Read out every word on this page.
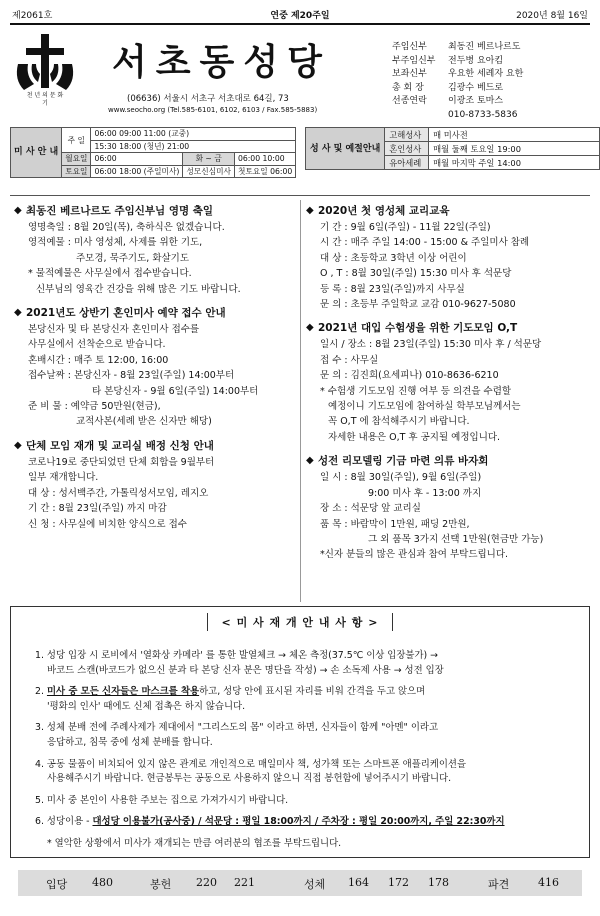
제2061호	연중 제20주일	2020년 8월 16일
천 년 의 문 화 기
서초동성당
(06636) 서울시 서초구 서초대로 64길, 73
www.seocho.org (Tel.585-6101, 6102, 6103 / Fax.585-5883)
주임신부	최동진 베르나르도
부주임신부	전두병 요아킴
보좌신부	우요한 세례자 요한
총 회 장	김광수 베드로
선종연락	이광조 토마스
010-8733-5836
미 사 안 내	주 일	06:00 09:00 11:00 (교중)		
		15:30 18:00 (청년) 21:00		
	월요일	06:00	화 ~ 금	06:00 10:00
	토요일	06:00 18:00 (주일미사)	성모신심미사	첫토요일 06:00
성 사 및 예절안내	고해성사	매 미사전
	혼인성사	매월 둘째 토요일 19:00
	유아세례	매월 마지막 주일 14:00
◆ 최동진 베르나르도 주임신부님 영명 축일

영명축일 : 8월 20일(목), 축하식은 없겠습니다.

영적예물 : 미사 영성체, 사제를 위한 기도,

주모경, 묵주기도, 화살기도

* 물적예물은 사무실에서 접수받습니다.

신부님의 영육간 건강을 위해 많은 기도 바랍니다.

◆ 2021년도 상반기 혼인미사 예약 접수 안내

본당신자 및 타 본당신자 혼인미사 접수를

사무실에서 선착순으로 받습니다.

혼배시간 : 매주 토 12:00, 16:00

접수날짜 : 본당신자 - 8월 23일(주일) 14:00부터

타 본당신자 - 9월 6일(주일) 14:00부터

준 비 물 : 예약금 50만원(현금),

교적사본(세례 받은 신자만 해당)

◆ 단체 모임 재개 및 교리실 배정 신청 안내

코로나19로 중단되었던 단체 회합을 9월부터

일부 재개합니다.

대 상 : 성서백주간, 가톨릭성서모임, 레지오

기 간 : 8월 23일(주일) 까지 마감

신 청 : 사무실에 비치한 양식으로 접수

◆ 2020년 첫 영성체 교리교육

기 간 : 9월 6일(주일) - 11월 22일(주일)

시 간 : 매주 주일 14:00 - 15:00 & 주일미사 참례

대 상 : 초등학교 3학년 이상 어린이

O , T : 8월 30일(주일) 15:30 미사 후 석문당

등 록 : 8월 23일(주일)까지 사무실

문 의 : 초등부 주일학교 교감 010-9627-5080

◆ 2021년 대입 수험생을 위한 기도모임 O,T

일시 / 장소 : 8월 23일(주일) 15:30 미사 후 / 석문당

접 수 : 사무실

문 의 : 김진희(요세피나) 010-8636-6210

* 수험생 기도모임 진행 여부 등 의견을 수렴할

예정이니 기도모임에 참여하실 학부모님께서는

꼭 O,T 에 참석해주시기 바랍니다.

자세한 내용은 O,T 후 공지될 예정입니다.

◆ 성전 리모델링 기금 마련 의류 바자회

일 시 : 8월 30일(주일), 9월 6일(주일)

9:00 미사 후 - 13:00 까지

장 소 : 석문당 앞 교리실

품 목 : 바람막이 1만원, 패딩 2만원,

그 외 품목 3가지 선택 1만원(현금만 가능)

*신자 분들의 많은 관심과 참여 부탁드립니다.

< 미 사 재 개 안 내 사 항 >

1. 성당 입장 시 로비에서 '열화상 카메라' 를 통한 발열체크 → 체온 측정(37.5℃ 이상 입장불가) →

바코드 스캔(바코드가 없으신 분과 타 본당 신자 분은 명단을 작성) → 손 소독제 사용 → 성전 입장

2. 미사 중 모든 신자들은 마스크를 착용하고, 성당 안에 표시된 자리를 비워 간격을 두고 앉으며

'평화의 인사' 때에도 신체 접촉은 하지 않습니다.

3. 성체 분배 전에 주례사제가 제대에서 "그리스도의 몸" 이라고 하면, 신자들이 함께 "아멘" 이라고

응답하고, 침묵 중에 성체 분배를 합니다.

4. 공동 물품이 비치되어 있지 않은 관계로 개인적으로 매일미사 책, 성가책 또는 스마트폰 애플리케이션을

사용해주시기 바랍니다. 현금봉투는 공동으로 사용하지 않으니 직접 봉헌함에 넣어주시기 바랍니다.

5. 미사 중 본인이 사용한 주보는 집으로 가져가시기 바랍니다.

6. 성당이용 - 대성당 이용불가(공사중) / 석문당 : 평일 18:00까지 / 주차장 : 평일 20:00까지, 주일 22:30까지

* 열악한 상황에서 미사가 재개되는 만큼 여러분의 협조를 부탁드립니다.

입당 480	봉헌 220 221	성체 164 172 178	파견	416
